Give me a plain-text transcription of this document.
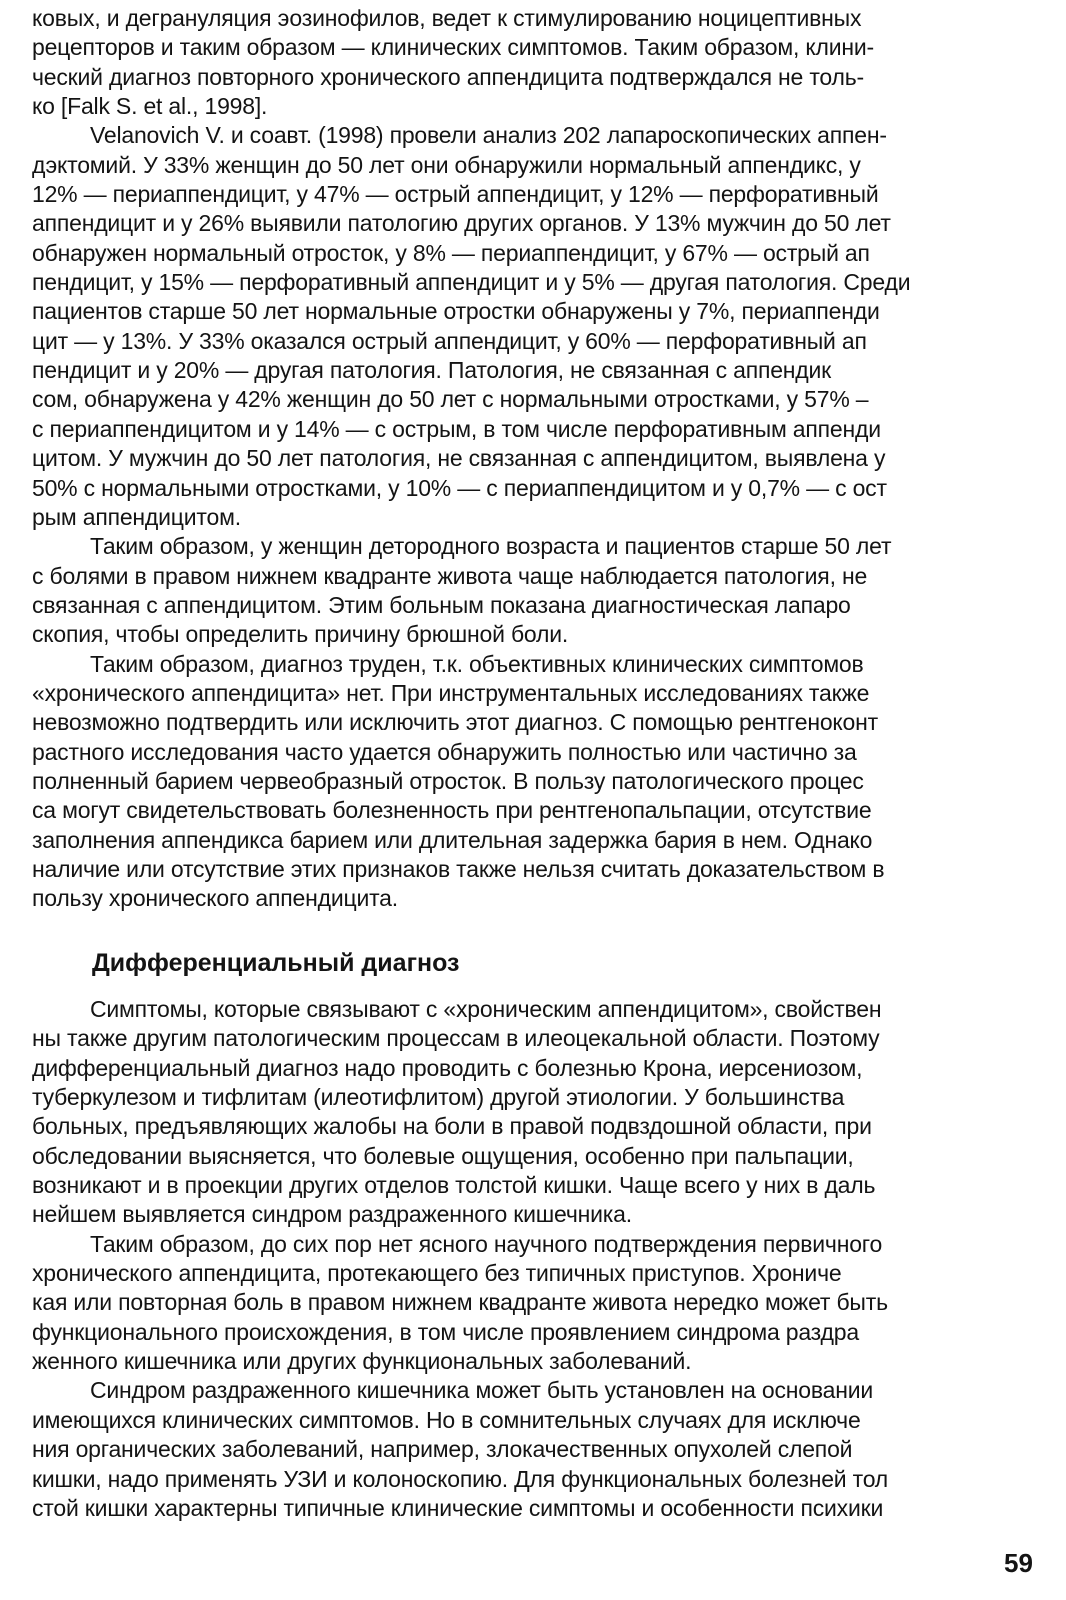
ковых, и дегрануляция эозинофилов, ведет к стимулированию ноцицептивных
рецепторов и таким образом — клинических симптомов. Таким образом, клини-
ческий диагноз повторного хронического аппендицита подтверждался не толь-
ко [Falk S. et al., 1998].
Velanovich V. и соавт. (1998) провели анализ 202 лапароскопических аппен-
дэктомий. У 33% женщин до 50 лет они обнаружили нормальный аппендикс, у
12% — периаппендицит, у 47% — острый аппендицит, у 12% — перфоративный
аппендицит и у 26% выявили патологию других органов. У 13% мужчин до 50 лет
обнаружен нормальный отросток, у 8% — периаппендицит, у 67% — острый ап
пендицит, у 15% — перфоративный аппендицит и у 5% — другая патология. Среди
пациентов старше 50 лет нормальные отростки обнаружены у 7%, периаппенди
цит — у 13%. У 33% оказался острый аппендицит, у 60% — перфоративный ап
пендицит и у 20% — другая патология. Патология, не связанная с аппендик
сом, обнаружена у 42% женщин до 50 лет с нормальными отростками, у 57% –
с периаппендицитом и у 14% — с острым, в том числе перфоративным аппенди
цитом. У мужчин до 50 лет патология, не связанная с аппендицитом, выявлена у
50% с нормальными отростками, у 10% — с периаппендицитом и у 0,7% — с ост
рым аппендицитом.
Таким образом, у женщин детородного возраста и пациентов старше 50 лет
с болями в правом нижнем квадранте живота чаще наблюдается патология, не
связанная с аппендицитом. Этим больным показана диагностическая лапаро
скопия, чтобы определить причину брюшной боли.
Таким образом, диагноз труден, т.к. объективных клинических симптомов
«хронического аппендицита» нет. При инструментальных исследованиях также
невозможно подтвердить или исключить этот диагноз. С помощью рентгеноконт
растного исследования часто удается обнаружить полностью или частично за
полненный барием червеобразный отросток. В пользу патологического процес
са могут свидетельствовать болезненность при рентгенопальпации, отсутствие
заполнения аппендикса барием или длительная задержка бария в нем. Однако
наличие или отсутствие этих признаков также нельзя считать доказательством в
пользу хронического аппендицита.
Дифференциальный диагноз
Симптомы, которые связывают с «хроническим аппендицитом», свойствен
ны также другим патологическим процессам в илеоцекальной области. Поэтому
дифференциальный диагноз надо проводить с болезнью Крона, иерсениозом,
туберкулезом и тифлитам (илеотифлитом) другой этиологии. У большинства
больных, предъявляющих жалобы на боли в правой подвздошной области, при
обследовании выясняется, что болевые ощущения, особенно при пальпации,
возникают и в проекции других отделов толстой кишки. Чаще всего у них в даль
нейшем выявляется синдром раздраженного кишечника.
Таким образом, до сих пор нет ясного научного подтверждения первичного
хронического аппендицита, протекающего без типичных приступов. Хрониче
кая или повторная боль в правом нижнем квадранте живота нередко может быть
функционального происхождения, в том числе проявлением синдрома раздра
женного кишечника или других функциональных заболеваний.
Синдром раздраженного кишечника может быть установлен на основании
имеющихся клинических симптомов. Но в сомнительных случаях для исключе
ния органических заболеваний, например, злокачественных опухолей слепой
кишки, надо применять УЗИ и колоноскопию. Для функциональных болезней тол
стой кишки характерны типичные клинические симптомы и особенности психики
59
